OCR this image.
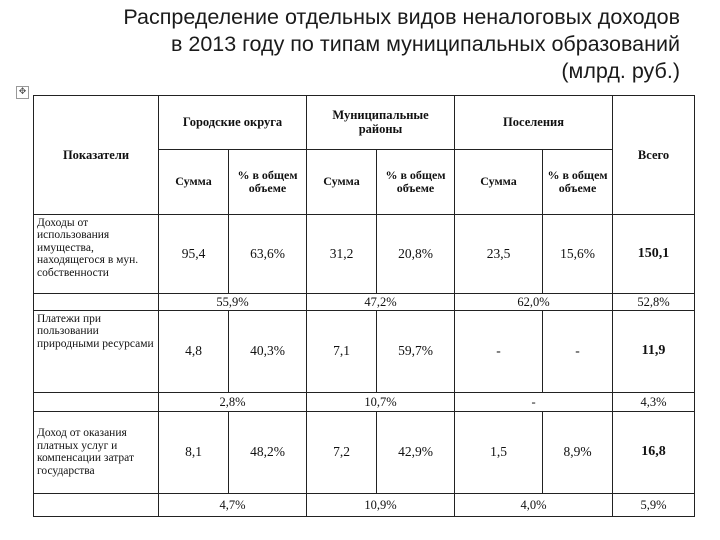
Распределение отдельных видов неналоговых доходов
в 2013 году по типам муниципальных образований
(млрд. руб.)
✥
Показатели	Городские округа		Муниципальные районы		Поселения		Всего
	Сумма	% в общем объеме	Сумма	% в общем объеме	Сумма	% в общем объеме	
Доходы от использования имущества, находящегося в мун. собственности	95,4	63,6%	31,2	20,8%	23,5	15,6%	150,1
	55,9%		47,2%		62,0%		52,8%
Платежи при пользовании природными ресурсами	4,8	40,3%	7,1	59,7%	-	-	11,9
	2,8%		10,7%		-		4,3%
Доход от оказания платных услуг и компенсации затрат государства	8,1	48,2%	7,2	42,9%	1,5	8,9%	16,8
	4,7%		10,9%		4,0%		5,9%
